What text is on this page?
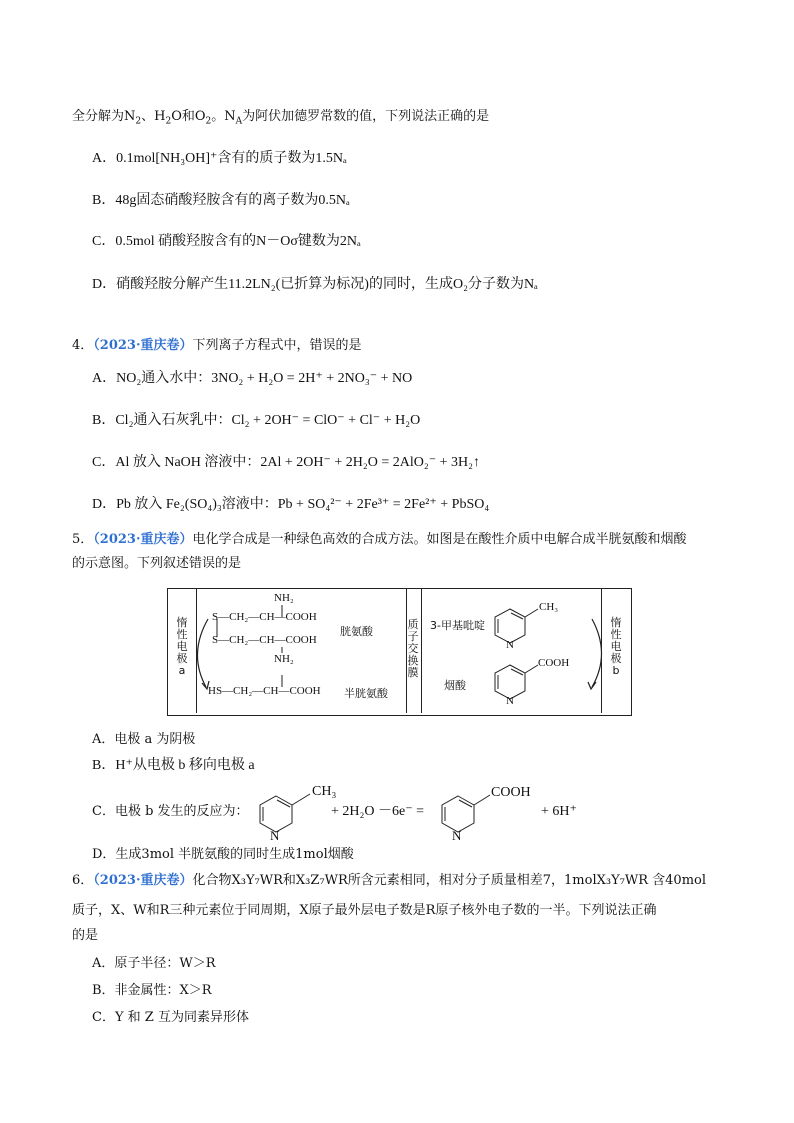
全分解为$N_2$、$H_2O$和$O_2$。$N_A$为阿伏加德罗常数的值，下列说法正确的是
A．0.1mol[NH₃OH]⁺含有的质子数为1.5Nₐ
B．48g固态硝酸羟胺含有的离子数为0.5Nₐ
C．0.5mol 硝酸羟胺含有的N－Oσ键数为2Nₐ
D．硝酸羟胺分解产生11.2LN₂(已折算为标况)的同时，生成O₂分子数为Nₐ
4．（2023·重庆卷）下列离子方程式中，错误的是
A．NO₂通入水中：3NO₂ + H₂O = 2H⁺ + 2NO₃⁻ + NO
B．Cl₂通入石灰乳中：Cl₂ + 2OH⁻ = ClO⁻ + Cl⁻ + H₂O
C．Al 放入 NaOH 溶液中：2Al + 2OH⁻ + 2H₂O = 2AlO₂⁻ + 3H₂↑
D．Pb 放入 Fe₂(SO₄)₃溶液中：Pb + SO₄²⁻ + 2Fe³⁺ = 2Fe²⁺ + PbSO₄
5．（2023·重庆卷）电化学合成是一种绿色高效的合成方法。如图是在酸性介质中电解合成半胱氨酸和烟酸
的示意图。下列叙述错误的是
惰性电极a
质子交换膜
惰性电极b
NH₂
S—CH₂—CH—COOH
S—CH₂—CH—COOH
NH₂
胱氨酸
HS—CH₂—CH—COOH 半胱氨酸
3-甲基吡啶
CH₃
N
烟酸
COOH
N
A．电极 a 为阴极
B．H⁺从电极 b 移向电极 a
C．电极 b 发生的反应为：
CH₃
N
+ 2H₂O －6e⁻ =
COOH
N
+ 6H⁺
D．生成3mol 半胱氨酸的同时生成1mol烟酸
6．（2023·重庆卷）化合物X₃Y₇WR和X₃Z₇WR所含元素相同，相对分子质量相差7，1molX₃Y₇WR 含40mol
质子，X、W和R三种元素位于同周期，X原子最外层电子数是R原子核外电子数的一半。下列说法正确
的是
A．原子半径：W＞R
B．非金属性：X＞R
C．Y 和 Z 互为同素异形体
